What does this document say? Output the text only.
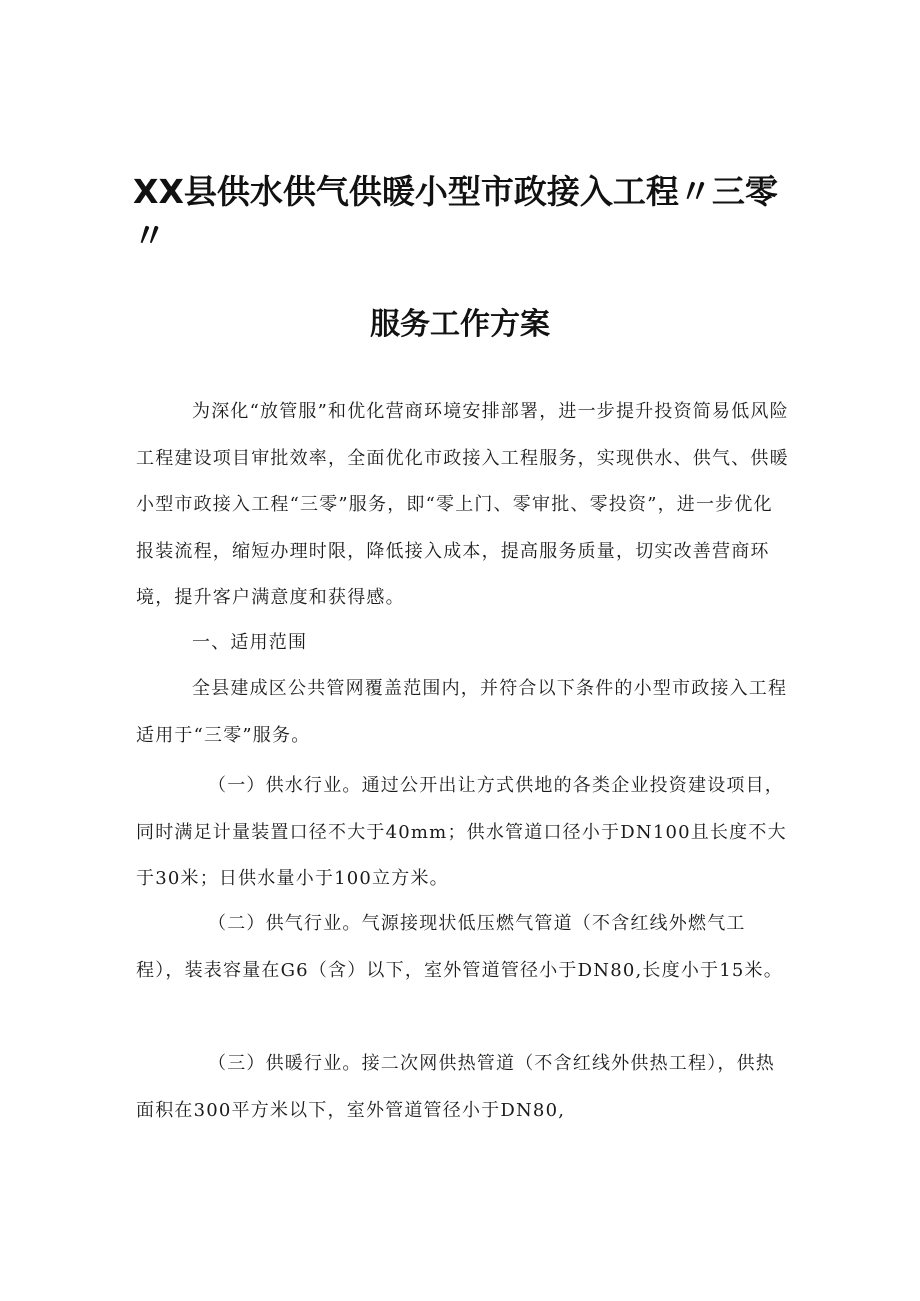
XX县供水供气供暖小型市政接入工程〃三零〃
服务工作方案

为深化“放管服”和优化营商环境安排部署，进一步提升投资简易低风险工程建设项目审批效率，全面优化市政接入工程服务，实现供水、供气、供暖小型市政接入工程“三零”服务，即“零上门、零审批、零投资”，进一步优化报装流程，缩短办理时限，降低接入成本，提高服务质量，切实改善营商环境，提升客户满意度和获得感。

一、适用范围

全县建成区公共管网覆盖范围内，并符合以下条件的小型市政接入工程适用于“三零”服务。

（一）供水行业。通过公开出让方式供地的各类企业投资建设项目，同时满足计量装置口径不大于40mm；供水管道口径小于DN100且长度不大于30米；日供水量小于100立方米。

（二）供气行业。气源接现状低压燃气管道（不含红线外燃气工程），装表容量在G6（含）以下，室外管道管径小于DN80,长度小于15米。

（三）供暖行业。接二次网供热管道（不含红线外供热工程），供热面积在300平方米以下，室外管道管径小于DN80,
